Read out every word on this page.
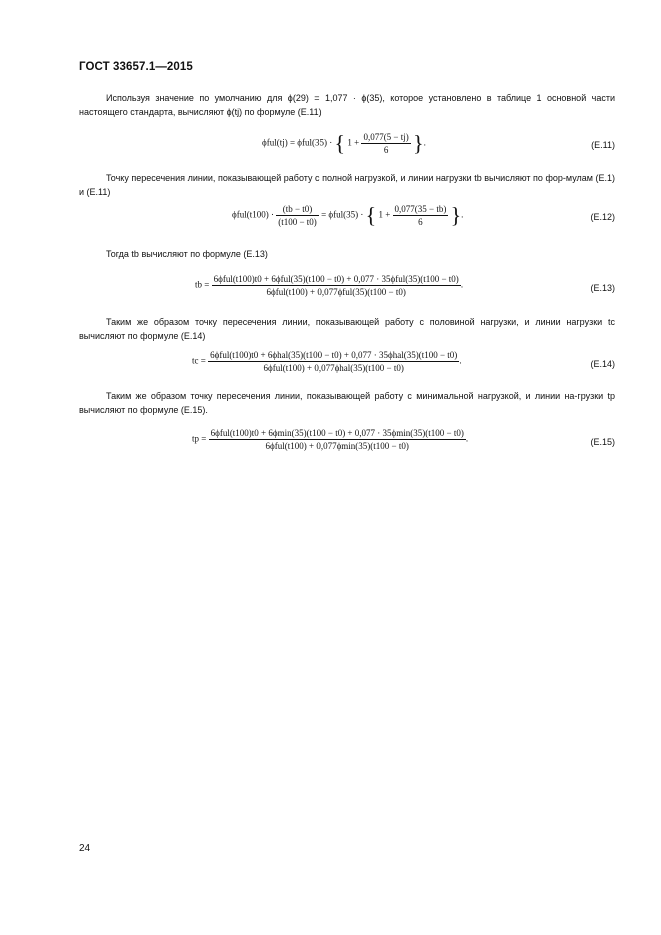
ГОСТ 33657.1—2015
Используя значение по умолчанию для ϕ(29) = 1,077 · ϕ(35), которое установлено в таблице 1 основной части настоящего стандарта, вычисляют ϕ(tj) по формуле (E.11)
ϕful(tj) = ϕful(35) · { $1 + \frac{0,077(5 - tj)}{6}$ }.	(E.11)
Точку пересечения линии, показывающей работу с полной нагрузкой, и линии нагрузки tb вычисляют по фор-мулам (E.1) и (E.11)
$\phi ful(t100) \cdot \frac{(tb - t0)}{(t100 - t0)} = \phi ful(35)$ · { $1 + \frac{0,077(35 - tb)}{6}$ }.	(E.12)
Тогда tb вычисляют по формуле (E.13)
tb =
6ϕful(t100)t0 + 6ϕful(35)(t100 − t0) + 0,077 · 35ϕful(35)(t100 − t0)
6ϕful(t100) + 0,077ϕful(35)(t100 − t0)
.	(E.13)
Таким же образом точку пересечения линии, показывающей работу с половиной нагрузки, и линии нагрузки tc вычисляют по формуле (E.14)
tc =
6ϕful(t100)t0 + 6ϕhal(35)(t100 − t0) + 0,077 · 35ϕhal(35)(t100 − t0)
6ϕful(t100) + 0,077ϕhal(35)(t100 − t0)
.	(E.14)
Таким же образом точку пересечения линии, показывающей работу с минимальной нагрузкой, и линии на-грузки tp вычисляют по формуле (E.15).
tp =
6ϕful(t100)t0 + 6ϕmin(35)(t100 − t0) + 0,077 · 35ϕmin(35)(t100 − t0)
6ϕful(t100) + 0,077ϕmin(35)(t100 − t0)
.	(E.15)
24
